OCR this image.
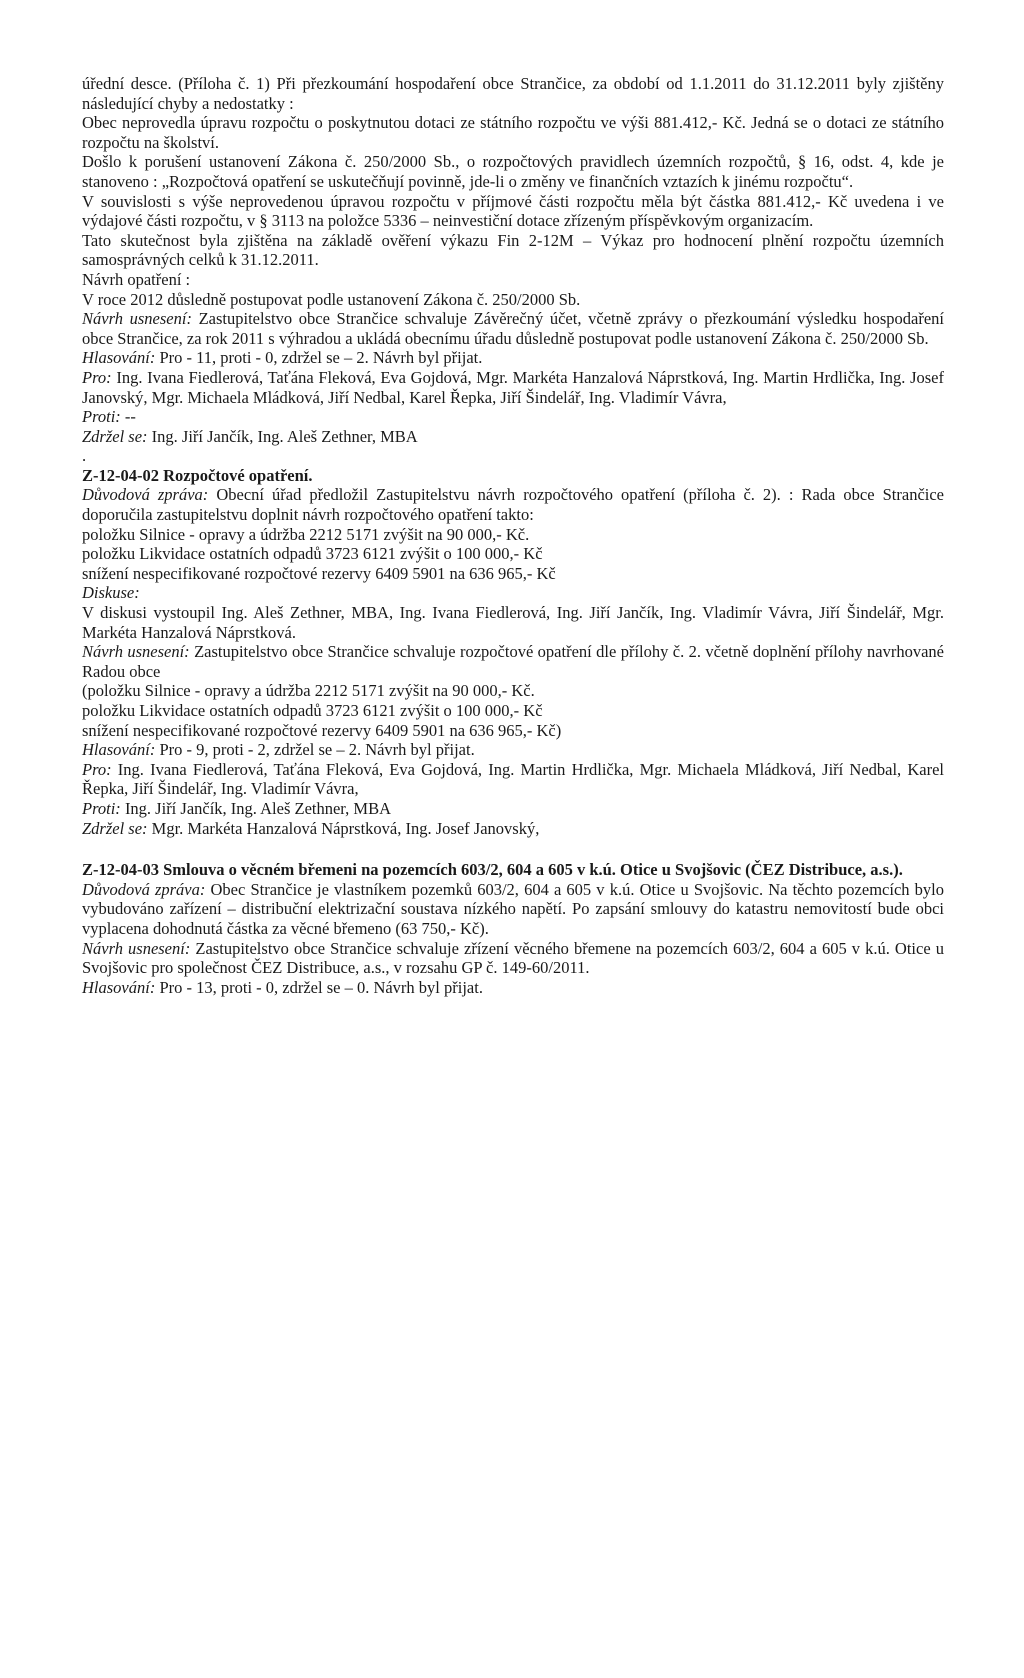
úřední desce. (Příloha č. 1) Při přezkoumání hospodaření obce Strančice, za období od 1.1.2011 do 31.12.2011 byly zjištěny následující chyby a nedostatky :

Obec neprovedla úpravu rozpočtu o poskytnutou dotaci ze státního rozpočtu ve výši 881.412,- Kč. Jedná se o dotaci ze státního rozpočtu na školství.

Došlo k porušení ustanovení Zákona č. 250/2000 Sb., o rozpočtových pravidlech územních rozpočtů, § 16, odst. 4, kde je stanoveno : „Rozpočtová opatření se uskutečňují povinně, jde-li o změny ve finančních vztazích k jinému rozpočtu“.

V souvislosti s výše neprovedenou úpravou rozpočtu v příjmové části rozpočtu měla být částka 881.412,- Kč uvedena i ve výdajové části rozpočtu, v § 3113 na položce 5336 – neinvestiční dotace zřízeným příspěvkovým organizacím.

Tato skutečnost byla zjištěna na základě ověření výkazu Fin 2-12M – Výkaz pro hodnocení plnění rozpočtu územních samosprávných celků k 31.12.2011.

Návrh opatření :

V roce 2012 důsledně postupovat podle ustanovení Zákona č. 250/2000 Sb.

Návrh usnesení: Zastupitelstvo obce Strančice schvaluje Závěrečný účet, včetně zprávy o přezkoumání výsledku hospodaření obce Strančice, za rok 2011 s výhradou a ukládá obecnímu úřadu důsledně postupovat podle ustanovení Zákona č. 250/2000 Sb.

Hlasování: Pro - 11, proti - 0, zdržel se – 2. Návrh byl přijat.

Pro: Ing. Ivana Fiedlerová, Taťána Fleková, Eva Gojdová, Mgr. Markéta Hanzalová Náprstková, Ing. Martin Hrdlička, Ing. Josef Janovský, Mgr. Michaela Mládková, Jiří Nedbal, Karel Řepka, Jiří Šindelář, Ing. Vladimír Vávra,

Proti: --

Zdržel se: Ing. Jiří Jančík, Ing. Aleš Zethner, MBA

.

Z-12-04-02 Rozpočtové opatření.

Důvodová zpráva: Obecní úřad předložil Zastupitelstvu návrh rozpočtového opatření (příloha č. 2). : Rada obce Strančice doporučila zastupitelstvu doplnit návrh rozpočtového opatření takto:

položku Silnice - opravy a údržba 2212 5171 zvýšit na 90 000,- Kč.

položku Likvidace ostatních odpadů 3723 6121 zvýšit o 100 000,- Kč

snížení nespecifikované rozpočtové rezervy 6409 5901 na 636 965,- Kč

Diskuse:

V diskusi vystoupil Ing. Aleš Zethner, MBA, Ing. Ivana Fiedlerová, Ing. Jiří Jančík, Ing. Vladimír Vávra, Jiří Šindelář, Mgr. Markéta Hanzalová Náprstková.

Návrh usnesení: Zastupitelstvo obce Strančice schvaluje rozpočtové opatření dle přílohy č. 2. včetně doplnění přílohy navrhované Radou obce

(položku Silnice - opravy a údržba 2212 5171 zvýšit na 90 000,- Kč.

položku Likvidace ostatních odpadů 3723 6121 zvýšit o 100 000,- Kč

snížení nespecifikované rozpočtové rezervy 6409 5901 na 636 965,- Kč)

Hlasování: Pro - 9, proti - 2, zdržel se – 2. Návrh byl přijat.

Pro: Ing. Ivana Fiedlerová, Taťána Fleková, Eva Gojdová, Ing. Martin Hrdlička, Mgr. Michaela Mládková, Jiří Nedbal, Karel Řepka, Jiří Šindelář, Ing. Vladimír Vávra,

Proti: Ing. Jiří Jančík, Ing. Aleš Zethner, MBA

Zdržel se: Mgr. Markéta Hanzalová Náprstková, Ing. Josef Janovský,

Z-12-04-03 Smlouva o věcném břemeni na pozemcích 603/2, 604 a 605 v k.ú. Otice u Svojšovic (ČEZ Distribuce, a.s.).

Důvodová zpráva: Obec Strančice je vlastníkem pozemků 603/2, 604 a 605 v k.ú. Otice u Svojšovic. Na těchto pozemcích bylo vybudováno zařízení – distribuční elektrizační soustava nízkého napětí. Po zapsání smlouvy do katastru nemovitostí bude obci vyplacena dohodnutá částka za věcné břemeno (63 750,- Kč).

Návrh usnesení: Zastupitelstvo obce Strančice schvaluje zřízení věcného břemene na pozemcích 603/2, 604 a 605 v k.ú. Otice u Svojšovic pro společnost ČEZ Distribuce, a.s., v rozsahu GP č. 149-60/2011.

Hlasování: Pro - 13, proti - 0, zdržel se – 0. Návrh byl přijat.
